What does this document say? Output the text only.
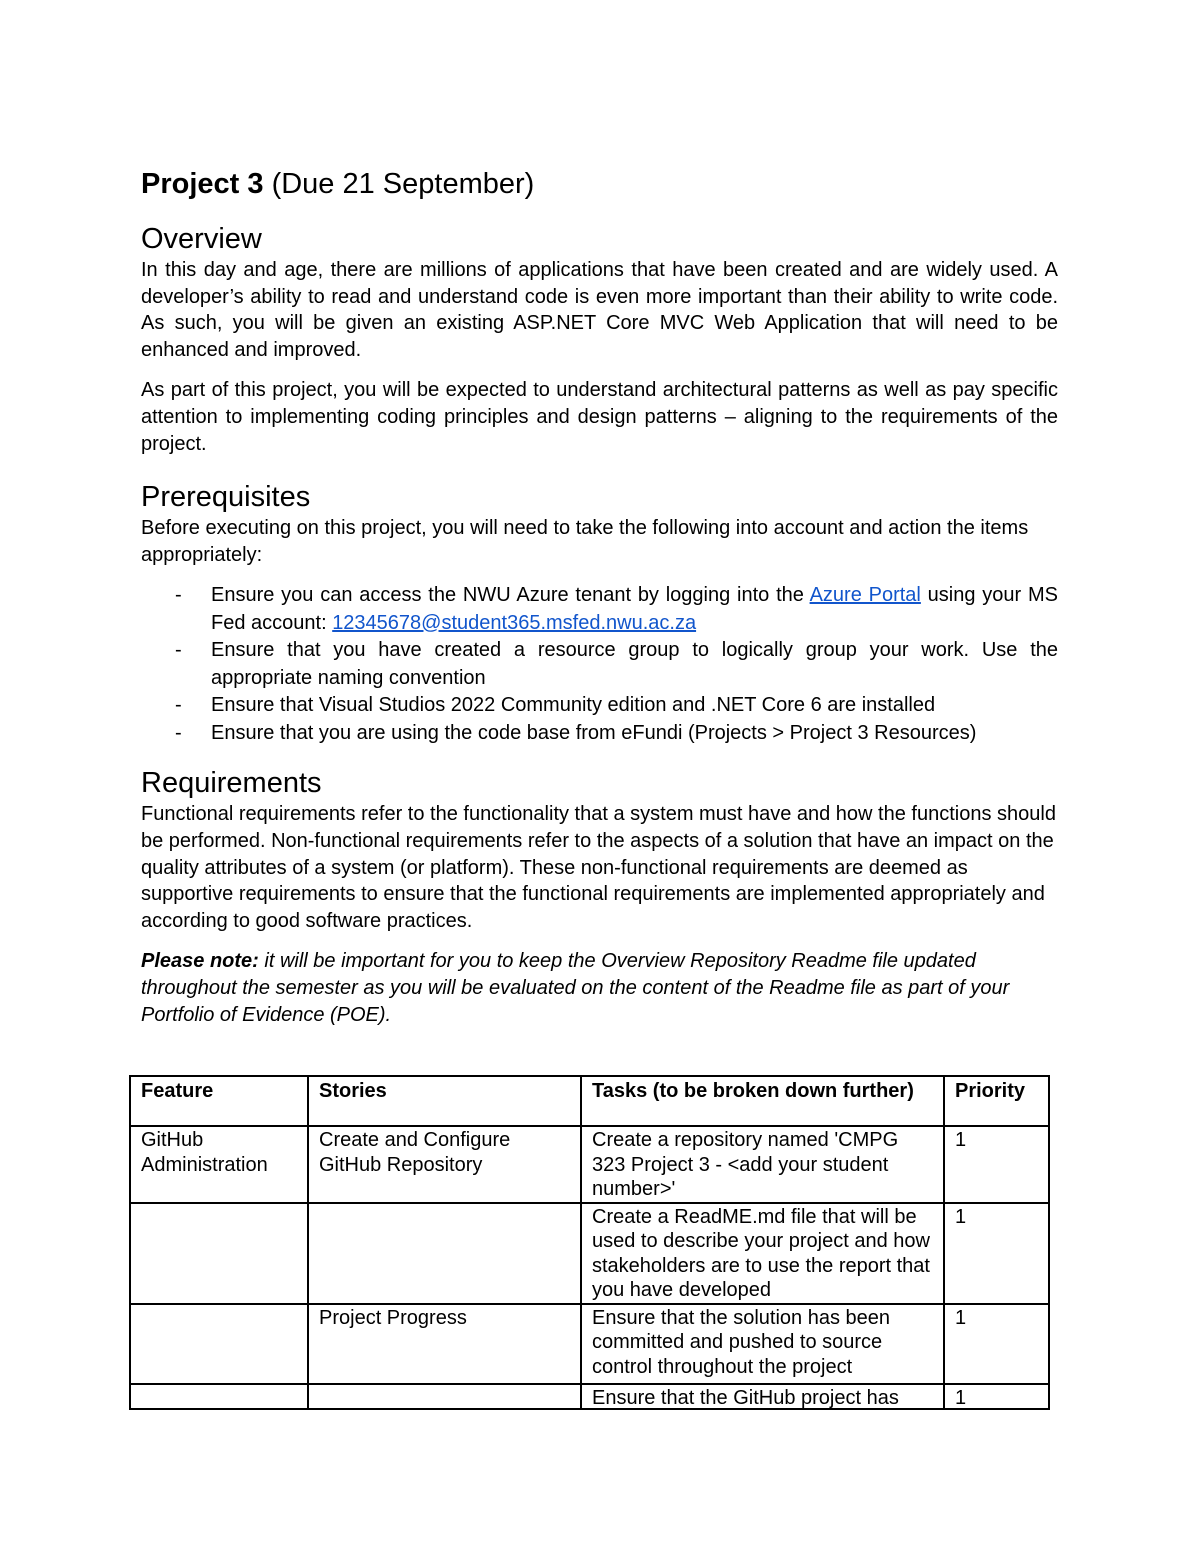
Project 3 (Due 21 September)
Overview

In this day and age, there are millions of applications that have been created and are widely used. A developer’s ability to read and understand code is even more important than their ability to write code. As such, you will be given an existing ASP.NET Core MVC Web Application that will need to be enhanced and improved.

As part of this project, you will be expected to understand architectural patterns as well as pay specific attention to implementing coding principles and design patterns – aligning to the requirements of the project.

Prerequisites

Before executing on this project, you will need to take the following into account and action the items appropriately:

- Ensure you can access the NWU Azure tenant by logging into the Azure Portal using your MS Fed account: 12345678@student365.msfed.nwu.ac.za
- Ensure that you have created a resource group to logically group your work. Use the appropriate naming convention
- Ensure that Visual Studios 2022 Community edition and .NET Core 6 are installed
- Ensure that you are using the code base from eFundi (Projects > Project 3 Resources)
Requirements

Functional requirements refer to the functionality that a system must have and how the functions should be performed. Non-functional requirements refer to the aspects of a solution that have an impact on the quality attributes of a system (or platform). These non-functional requirements are deemed as supportive requirements to ensure that the functional requirements are implemented appropriately and according to good software practices.

Please note: it will be important for you to keep the Overview Repository Readme file updated throughout the semester as you will be evaluated on the content of the Readme file as part of your Portfolio of Evidence (POE).

Feature	Stories	Tasks (to be broken down further)	Priority
GitHub Administration	Create and Configure GitHub Repository	Create a repository named 'CMPG 323 Project 3 - <add your student number>'	1
		Create a ReadME.md file that will be used to describe your project and how stakeholders are to use the report that you have developed	1
	Project Progress	Ensure that the solution has been committed and pushed to source control throughout the project	1

		Ensure that the GitHub project has	1
